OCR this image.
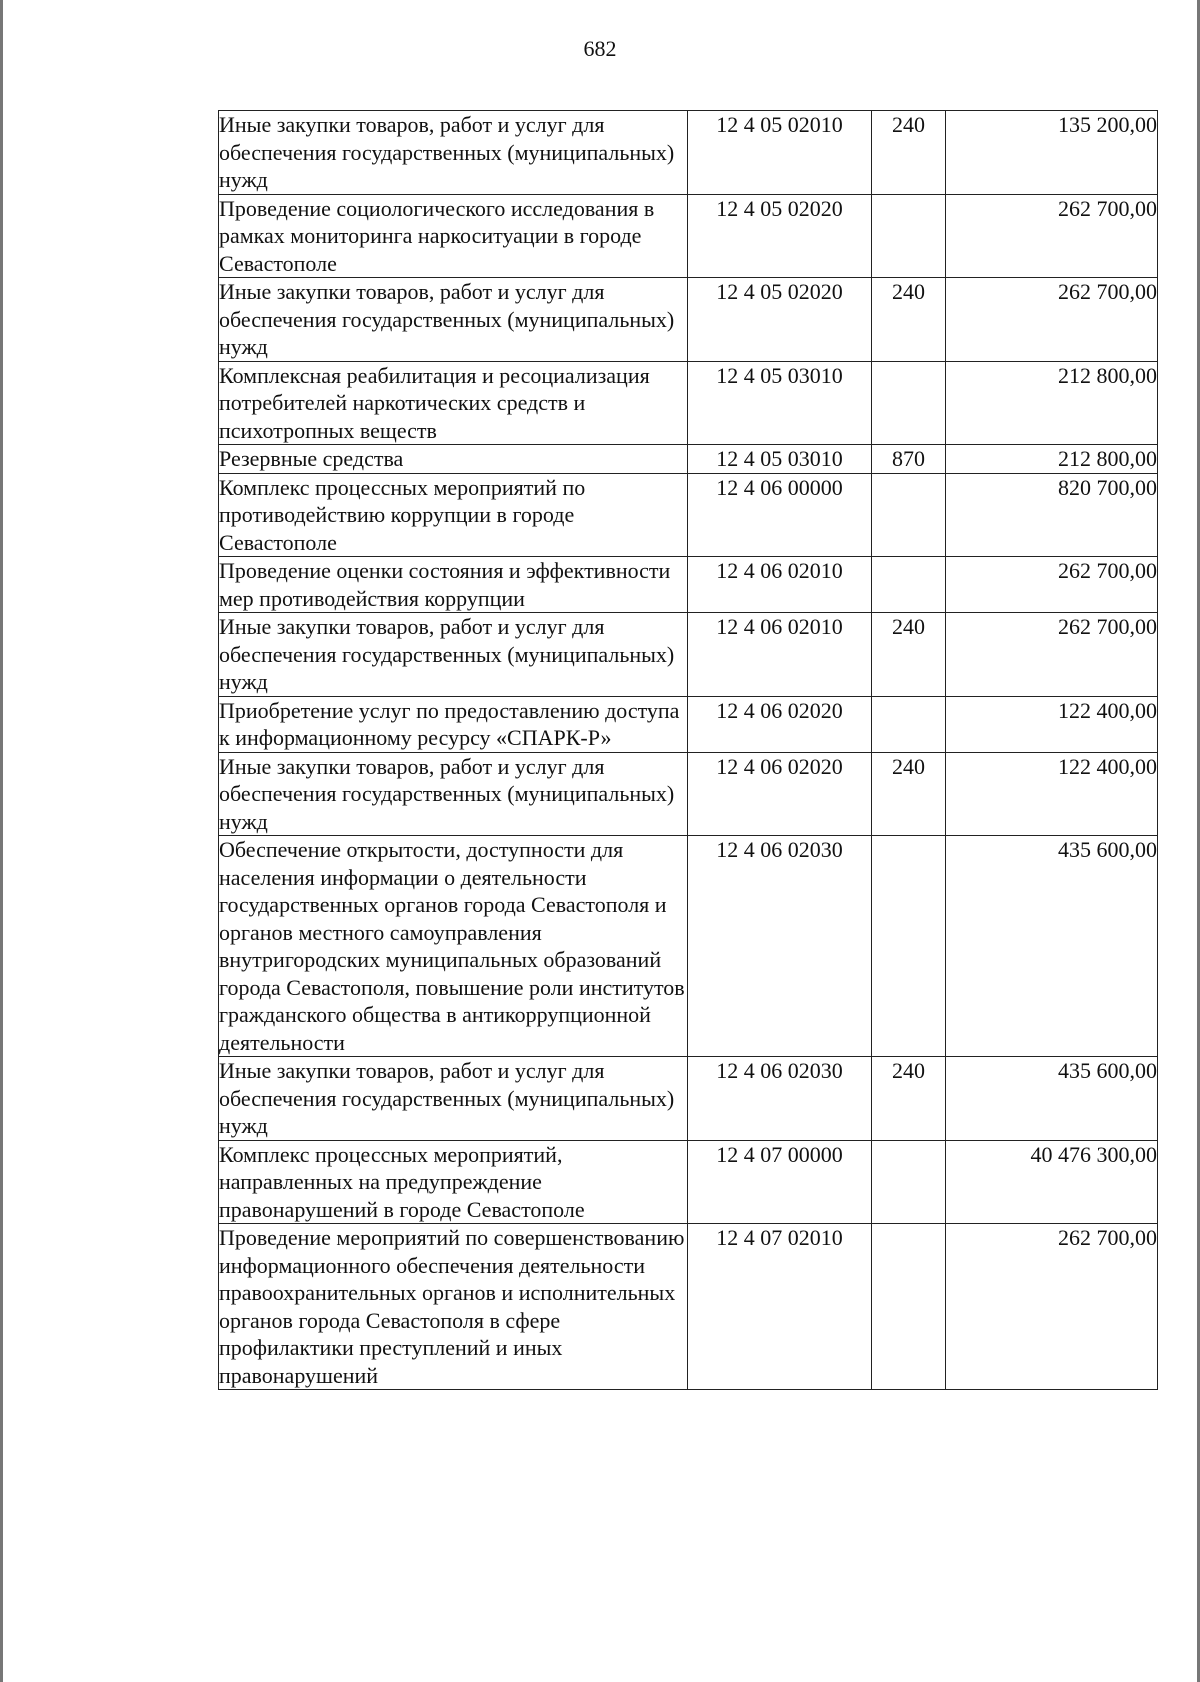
682
Иные закупки товаров, работ и услуг для обеспечения государственных (муниципальных) нужд	12 4 05 02010	240	135 200,00
Проведение социологического исследования в рамках мониторинга наркоситуации в городе Севастополе	12 4 05 02020		262 700,00
Иные закупки товаров, работ и услуг для обеспечения государственных (муниципальных) нужд	12 4 05 02020	240	262 700,00
Комплексная реабилитация и ресоциализация потребителей наркотических средств и психотропных веществ	12 4 05 03010		212 800,00
Резервные средства	12 4 05 03010	870	212 800,00
Комплекс процессных мероприятий по противодействию коррупции в городе Севастополе	12 4 06 00000		820 700,00
Проведение оценки состояния и эффективности мер противодействия коррупции	12 4 06 02010		262 700,00
Иные закупки товаров, работ и услуг для обеспечения государственных (муниципальных) нужд	12 4 06 02010	240	262 700,00
Приобретение услуг по предоставлению доступа к информационному ресурсу «СПАРК-Р»	12 4 06 02020		122 400,00
Иные закупки товаров, работ и услуг для обеспечения государственных (муниципальных) нужд	12 4 06 02020	240	122 400,00
Обеспечение открытости, доступности для населения информации о деятельности государственных органов города Севастополя и органов местного самоуправления внутригородских муниципальных образований города Севастополя, повышение роли институтов гражданского общества в антикоррупционной деятельности	12 4 06 02030		435 600,00
Иные закупки товаров, работ и услуг для обеспечения государственных (муниципальных) нужд	12 4 06 02030	240	435 600,00
Комплекс процессных мероприятий, направленных на предупреждение правонарушений в городе Севастополе	12 4 07 00000		40 476 300,00
Проведение мероприятий по совершенствованию информационного обеспечения деятельности правоохранительных органов и исполнительных органов города Севастополя в сфере профилактики преступлений и иных правонарушений	12 4 07 02010		262 700,00
